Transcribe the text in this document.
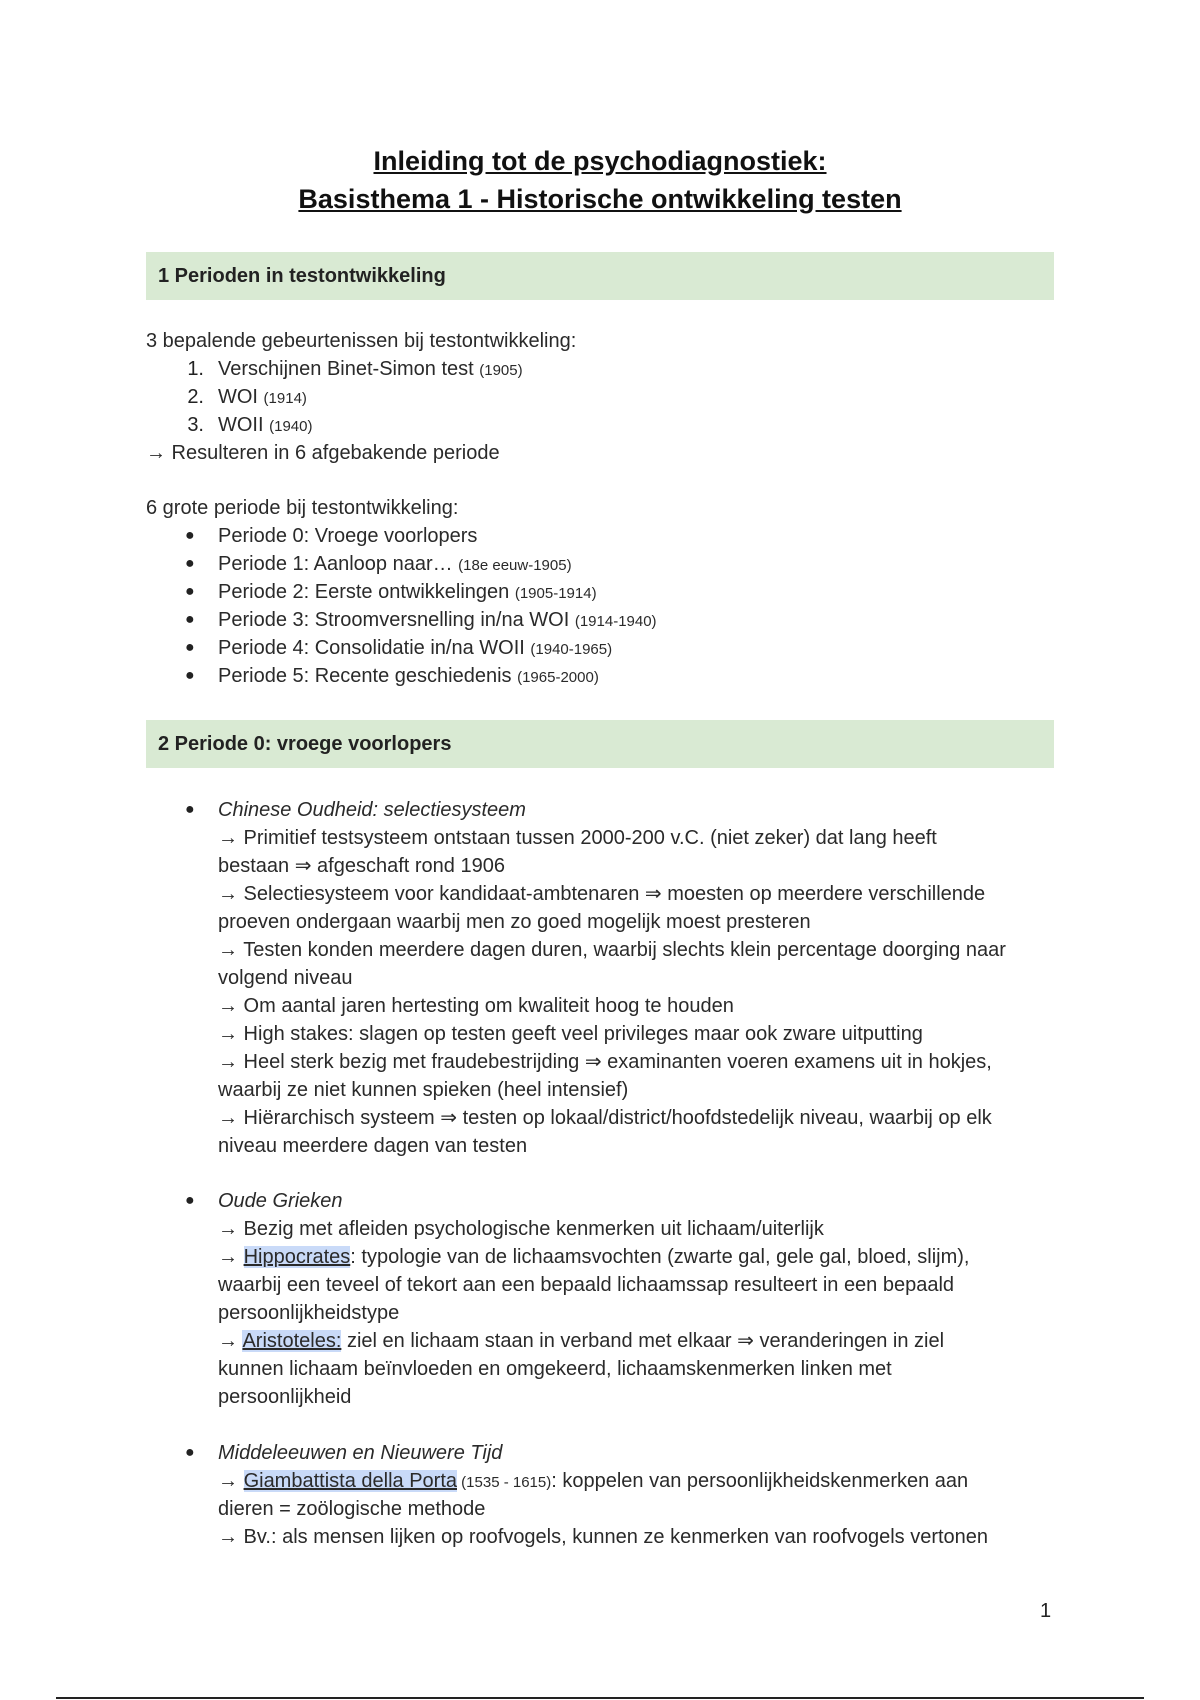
Inleiding tot de psychodiagnostiek:
Basisthema 1 - Historische ontwikkeling testen
1 Perioden in testontwikkeling
3 bepalende gebeurtenissen bij testontwikkeling:
1. Verschijnen Binet-Simon test (1905)
2. WOI (1914)
3. WOII (1940)
→ Resulteren in 6 afgebakende periode
6 grote periode bij testontwikkeling:
● Periode 0: Vroege voorlopers
● Periode 1: Aanloop naar… (18e eeuw-1905)
● Periode 2: Eerste ontwikkelingen (1905-1914)
● Periode 3: Stroomversnelling in/na WOI (1914-1940)
● Periode 4: Consolidatie in/na WOII (1940-1965)
● Periode 5: Recente geschiedenis (1965-2000)
2 Periode 0: vroege voorlopers
● Chinese Oudheid: selectiesysteem
→ Primitief testsysteem ontstaan tussen 2000-200 v.C. (niet zeker) dat lang heeft
bestaan ⇒ afgeschaft rond 1906
→ Selectiesysteem voor kandidaat-ambtenaren ⇒ moesten op meerdere verschillende
proeven ondergaan waarbij men zo goed mogelijk moest presteren
→ Testen konden meerdere dagen duren, waarbij slechts klein percentage doorging naar
volgend niveau
→ Om aantal jaren hertesting om kwaliteit hoog te houden
→ High stakes: slagen op testen geeft veel privileges maar ook zware uitputting
→ Heel sterk bezig met fraudebestrijding ⇒ examinanten voeren examens uit in hokjes,
waarbij ze niet kunnen spieken (heel intensief)
→ Hiërarchisch systeem ⇒ testen op lokaal/district/hoofdstedelijk niveau, waarbij op elk
niveau meerdere dagen van testen
● Oude Grieken
→ Bezig met afleiden psychologische kenmerken uit lichaam/uiterlijk
→ Hippocrates: typologie van de lichaamsvochten (zwarte gal, gele gal, bloed, slijm),
waarbij een teveel of tekort aan een bepaald lichaamssap resulteert in een bepaald
persoonlijkheidstype
→ Aristoteles: ziel en lichaam staan in verband met elkaar ⇒ veranderingen in ziel
kunnen lichaam beïnvloeden en omgekeerd, lichaamskenmerken linken met
persoonlijkheid
● Middeleeuwen en Nieuwere Tijd
→ Giambattista della Porta (1535 - 1615): koppelen van persoonlijkheidskenmerken aan
dieren = zoölogische methode
→ Bv.: als mensen lijken op roofvogels, kunnen ze kenmerken van roofvogels vertonen
1
